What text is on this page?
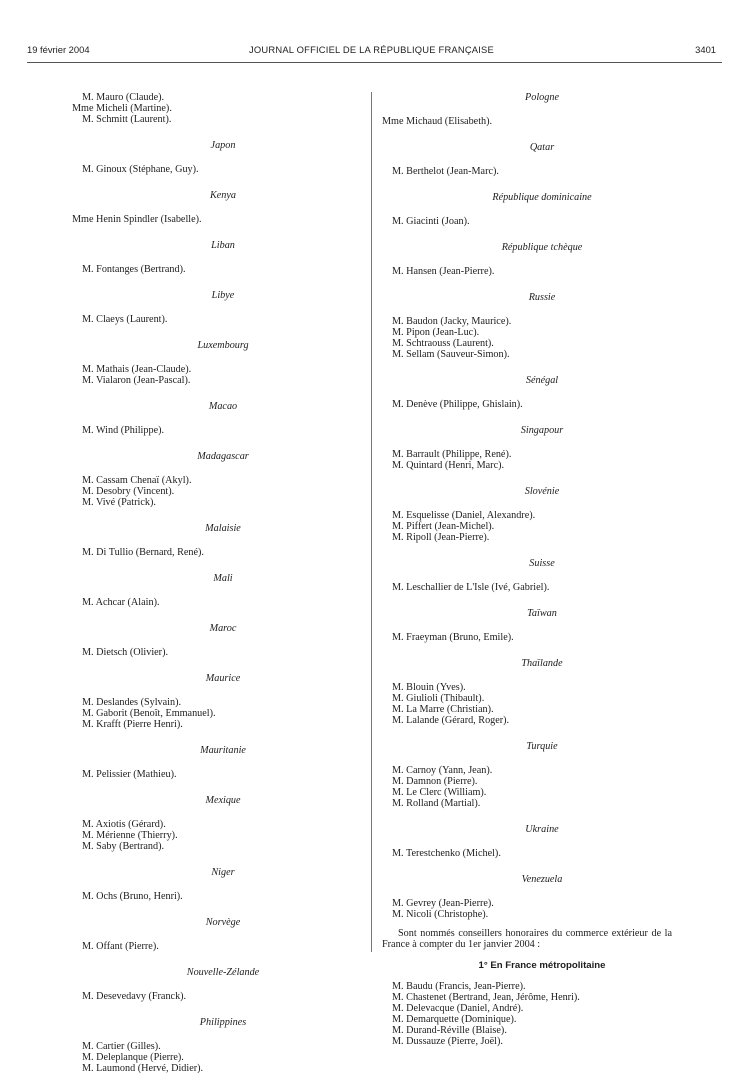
19 février 2004	JOURNAL OFFICIEL DE LA RÉPUBLIQUE FRANÇAISE	3401
M. Mauro (Claude).
Mme Micheli (Martine).
M. Schmitt (Laurent).
Japon
M. Ginoux (Stéphane, Guy).
Kenya
Mme Henin Spindler (Isabelle).
Liban
M. Fontanges (Bertrand).
Libye
M. Claeys (Laurent).
Luxembourg
M. Mathais (Jean-Claude).
M. Vialaron (Jean-Pascal).
Macao
M. Wind (Philippe).
Madagascar
M. Cassam Chenaï (Akyl).
M. Desobry (Vincent).
M. Vivé (Patrick).
Malaisie
M. Di Tullio (Bernard, René).
Mali
M. Achcar (Alain).
Maroc
M. Dietsch (Olivier).
Maurice
M. Deslandes (Sylvain).
M. Gaborit (Benoît, Emmanuel).
M. Krafft (Pierre Henri).
Mauritanie
M. Pelissier (Mathieu).
Mexique
M. Axiotis (Gérard).
M. Mérienne (Thierry).
M. Saby (Bertrand).
Niger
M. Ochs (Bruno, Henri).
Norvège
M. Offant (Pierre).
Nouvelle-Zélande
M. Desevedavy (Franck).
Philippines
M. Cartier (Gilles).
M. Deleplanque (Pierre).
M. Laumond (Hervé, Didier).
Pologne
Mme Michaud (Elisabeth).
Qatar
M. Berthelot (Jean-Marc).
République dominicaine
M. Giacinti (Joan).
République tchèque
M. Hansen (Jean-Pierre).
Russie
M. Baudon (Jacky, Maurice).
M. Pipon (Jean-Luc).
M. Schtraouss (Laurent).
M. Sellam (Sauveur-Simon).
Sénégal
M. Denève (Philippe, Ghislain).
Singapour
M. Barrault (Philippe, René).
M. Quintard (Henri, Marc).
Slovénie
M. Esquelisse (Daniel, Alexandre).
M. Piffert (Jean-Michel).
M. Ripoll (Jean-Pierre).
Suisse
M. Leschallier de L'Isle (Ivé, Gabriel).
Taïwan
M. Fraeyman (Bruno, Emile).
Thaïlande
M. Blouin (Yves).
M. Giulioli (Thibault).
M. La Marre (Christian).
M. Lalande (Gérard, Roger).
Turquie
M. Carnoy (Yann, Jean).
M. Damnon (Pierre).
M. Le Clerc (William).
M. Rolland (Martial).
Ukraine
M. Terestchenko (Michel).
Venezuela
M. Gevrey (Jean-Pierre).
M. Nicoli (Christophe).

Sont nommés conseillers honoraires du commerce extérieur de la France à compter du 1er janvier 2004 :

1° En France métropolitaine
M. Baudu (Francis, Jean-Pierre).
M. Chastenet (Bertrand, Jean, Jérôme, Henri).
M. Delevacque (Daniel, André).
M. Demarquette (Dominique).
M. Durand-Réville (Blaise).
M. Dussauze (Pierre, Joël).
